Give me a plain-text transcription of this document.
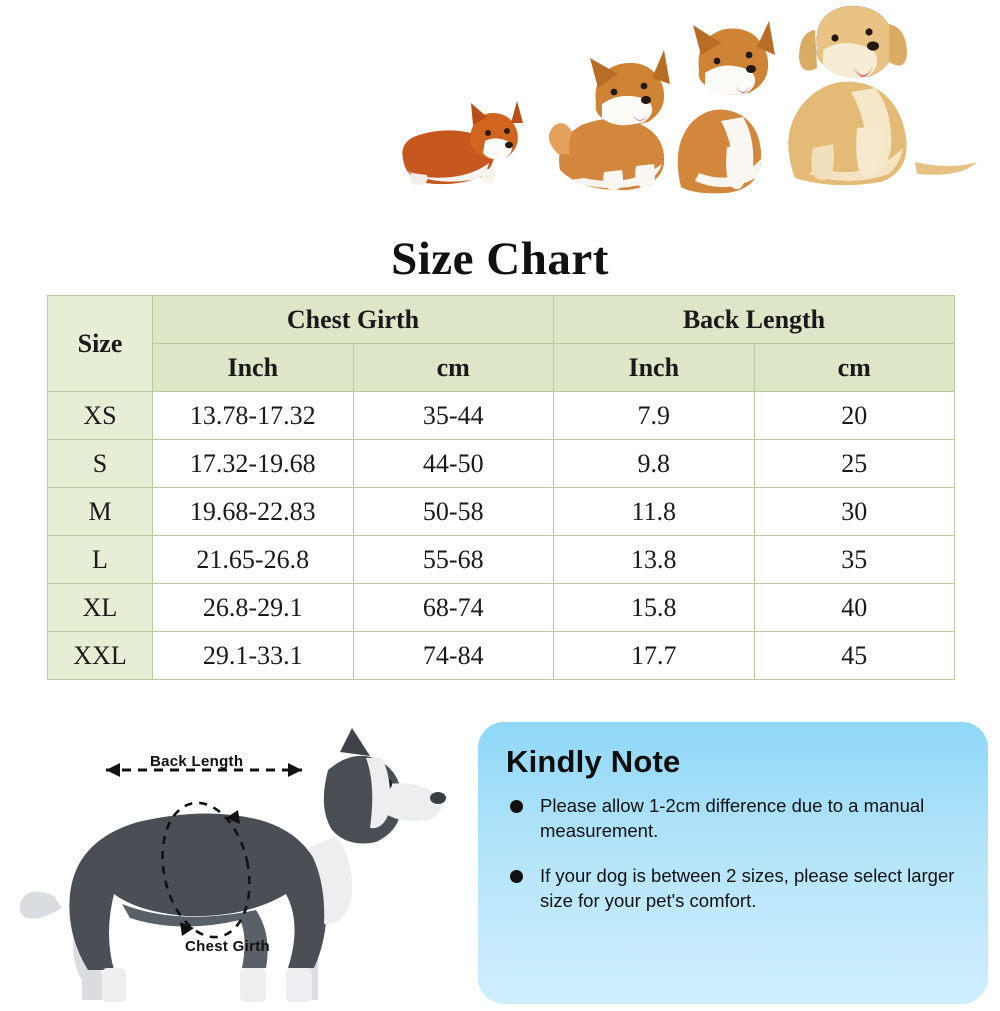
Size Chart
Size	Chest Girth		Back Length	
	Inch	cm	Inch	cm
XS	13.78-17.32	35-44	7.9	20
S	17.32-19.68	44-50	9.8	25
M	19.68-22.83	50-58	11.8	30
L	21.65-26.8	55-68	13.8	35
XL	26.8-29.1	68-74	15.8	40
XXL	29.1-33.1	74-84	17.7	45
Back Length
Chest Girth
Kindly Note
Please allow 1-2cm difference due to a manual measurement.
If your dog is between 2 sizes, please select larger size for your pet's comfort.
